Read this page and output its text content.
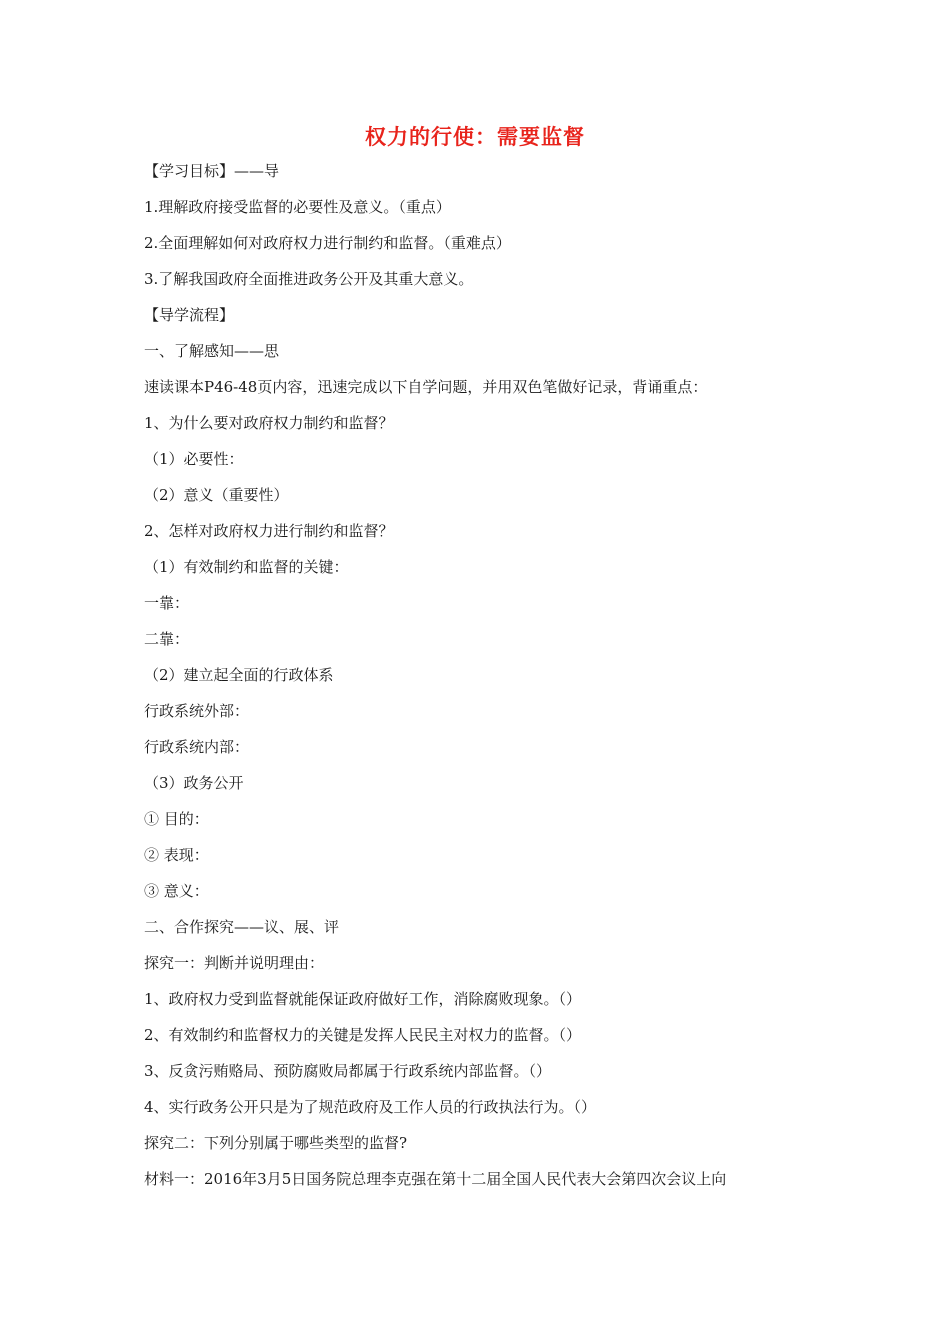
权力的行使：需要监督
【学习目标】——导
1.理解政府接受监督的必要性及意义。（重点）
2.全面理解如何对政府权力进行制约和监督。（重难点）
3.了解我国政府全面推进政务公开及其重大意义。
【导学流程】
一、了解感知——思
速读课本P46-48页内容，迅速完成以下自学问题，并用双色笔做好记录，背诵重点：
1、为什么要对政府权力制约和监督？
（1）必要性：
（2）意义（重要性）
2、怎样对政府权力进行制约和监督？
（1）有效制约和监督的关键：
一靠：
二靠：
（2）建立起全面的行政体系
行政系统外部：
行政系统内部：
（3）政务公开
① 目的：
② 表现：
③ 意义：
二、合作探究——议、展、评
探究一：判断并说明理由：
1、政府权力受到监督就能保证政府做好工作，消除腐败现象。（）
2、有效制约和监督权力的关键是发挥人民民主对权力的监督。（）
3、反贪污贿赂局、预防腐败局都属于行政系统内部监督。（）
4、实行政务公开只是为了规范政府及工作人员的行政执法行为。（）
探究二：下列分别属于哪些类型的监督?
材料一：2016年3月5日国务院总理李克强在第十二届全国人民代表大会第四次会议上向
